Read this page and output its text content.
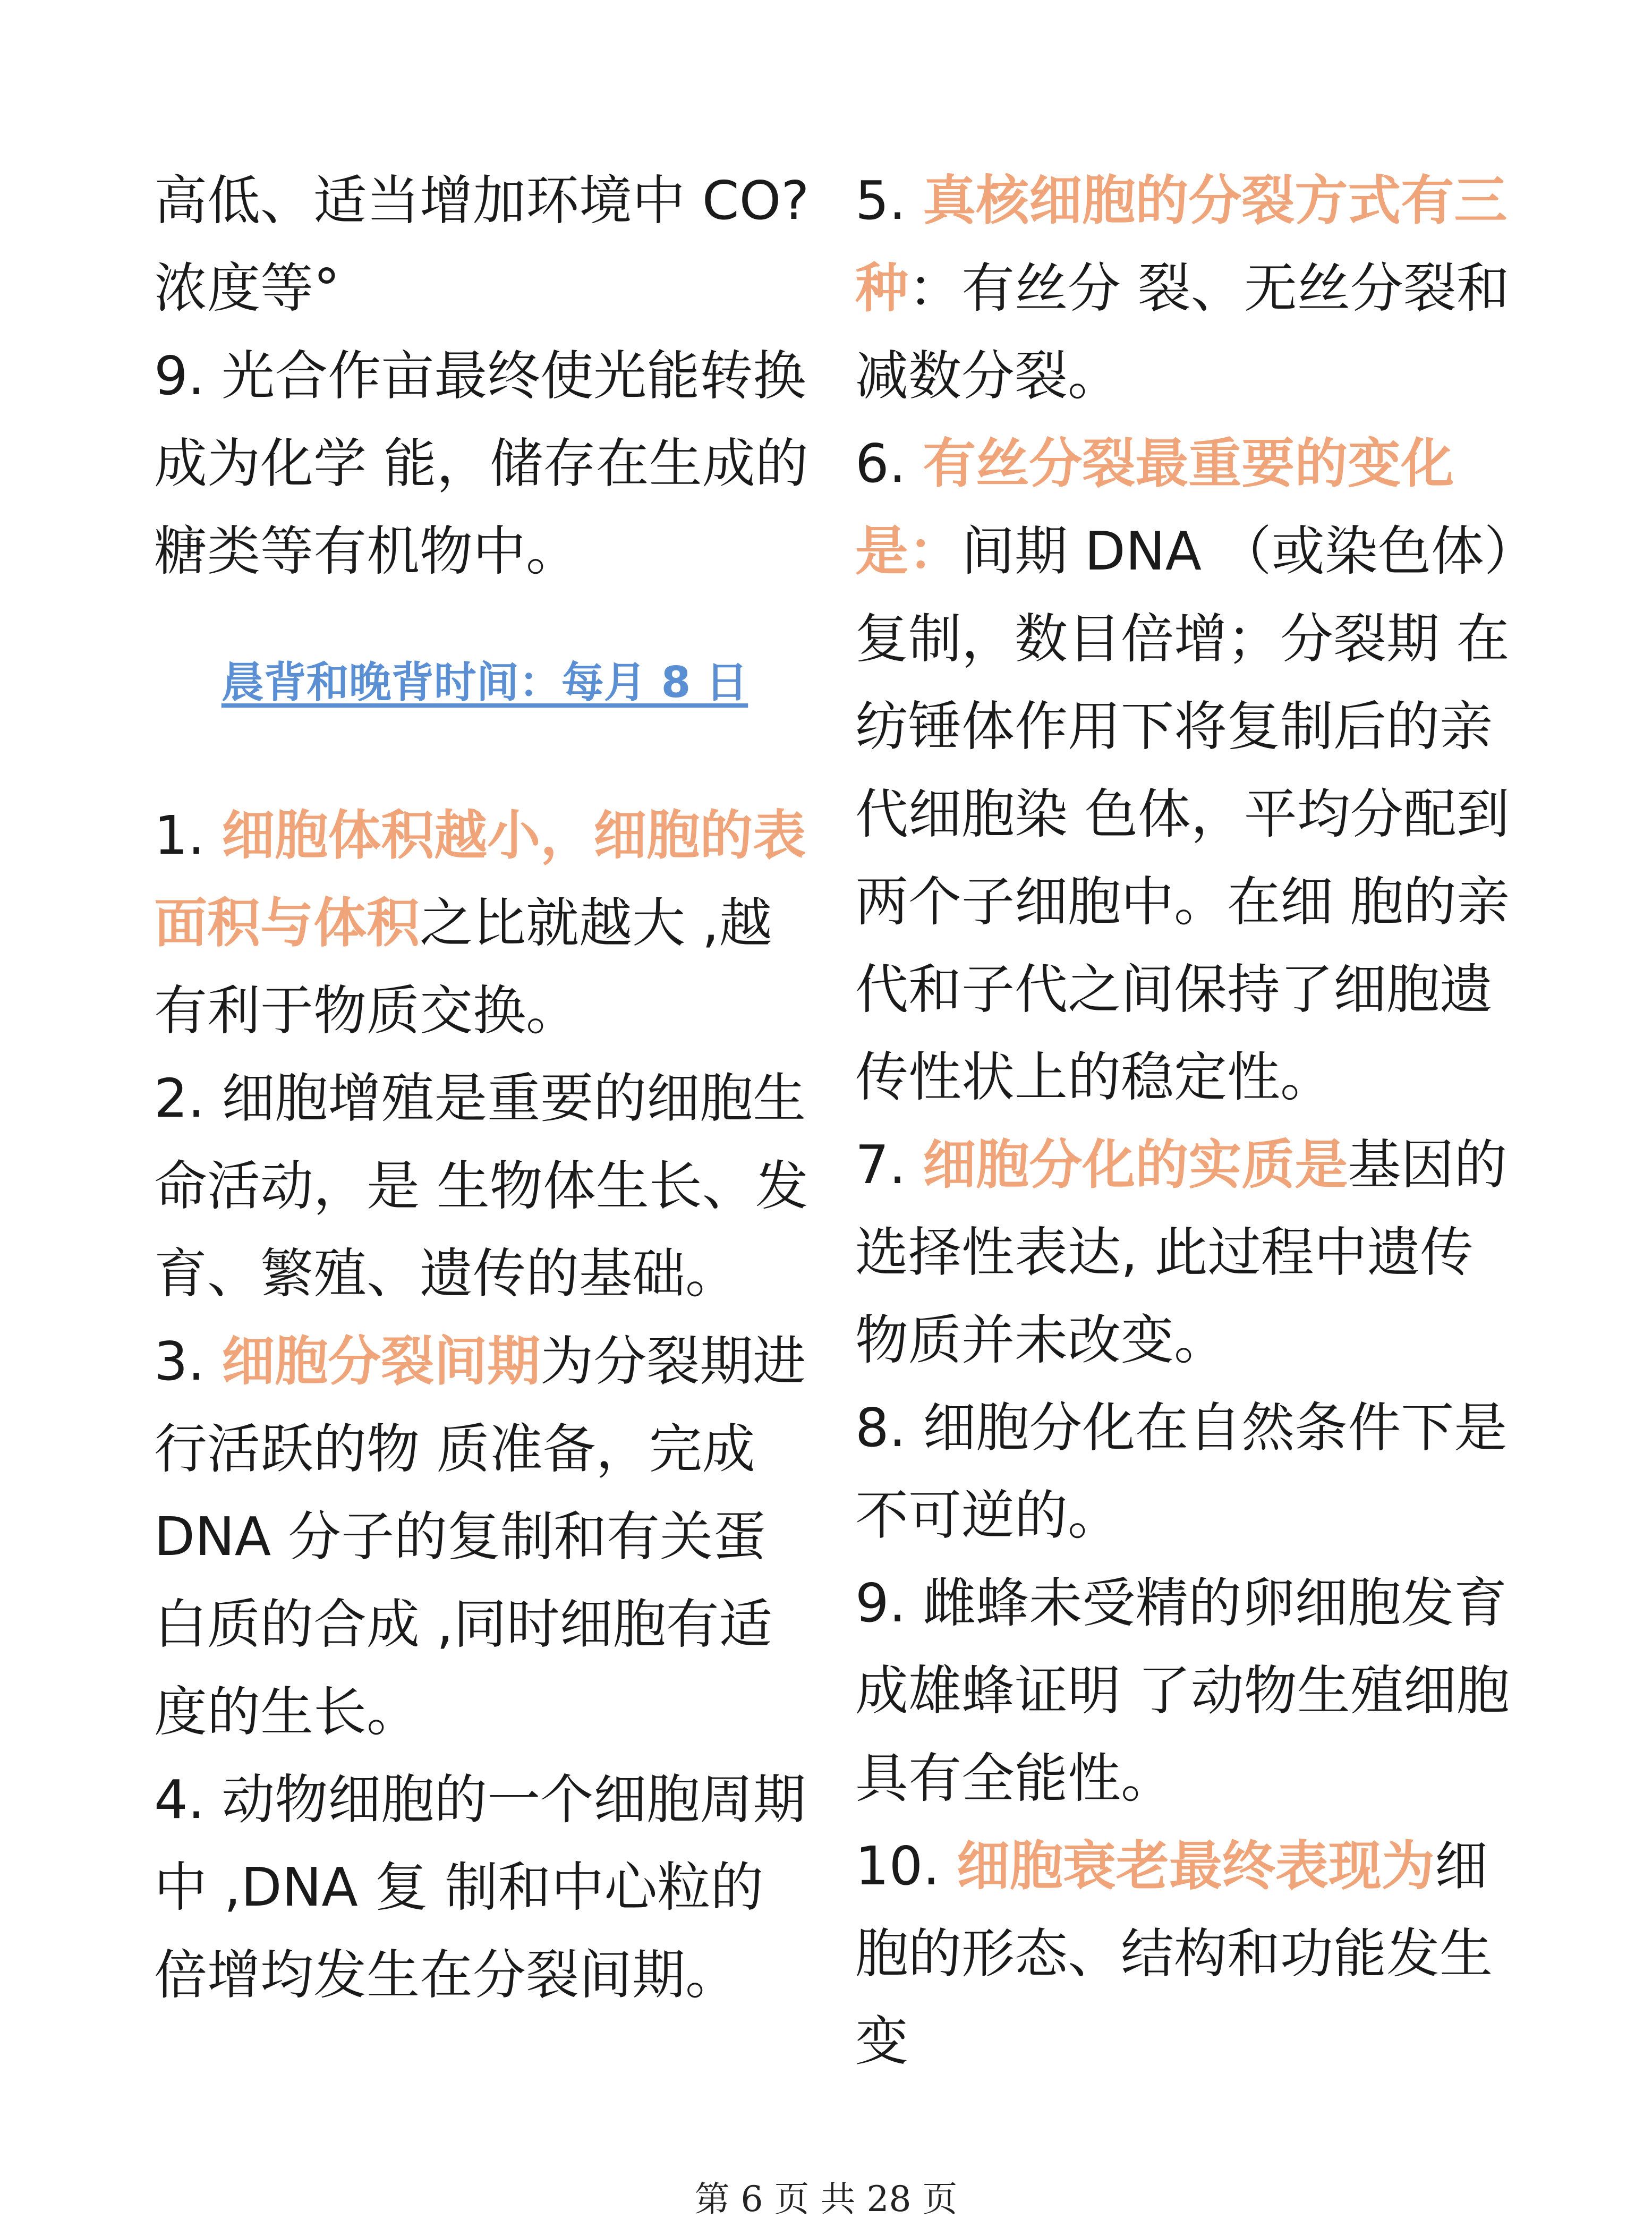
高低、适当增加环境中 CO?浓度等°

9. 光合作亩最终使光能转换成为化学 能，储存在生成的糖类等有机物中。

晨背和晚背时间：每月 8 日

1. 细胞体积越小，细胞的表面积与体积之比就越大 ,越有利于物质交换。

2. 细胞增殖是重要的细胞生命活动，是 生物体生长、发育、繁殖、遗传的基础。

3. 细胞分裂间期为分裂期进行活跃的物 质准备，完成 DNA 分子的复制和有关蛋白质的合成 ,同时细胞有适度的生长。

4. 动物细胞的一个细胞周期中 ,DNA 复 制和中心粒的倍增均发生在分裂间期。

5. 真核细胞的分裂方式有三种：有丝分 裂、无丝分裂和减数分裂。

6. 有丝分裂最重要的变化是：间期 DNA （或染色体）复制，数目倍增；分裂期 在纺锤体作用下将复制后的亲代细胞染 色体，平均分配到两个子细胞中。在细 胞的亲代和子代之间保持了细胞遗传性状上的稳定性。

7. 细胞分化的实质是基因的选择性表达, 此过程中遗传物质并未改变。

8. 细胞分化在自然条件下是不可逆的。

9. 雌蜂未受精的卵细胞发育成雄蜂证明 了动物生殖细胞具有全能性。

10. 细胞衰老最终表现为细胞的形态、结构和功能发生变

第 6 页 共 28 页
